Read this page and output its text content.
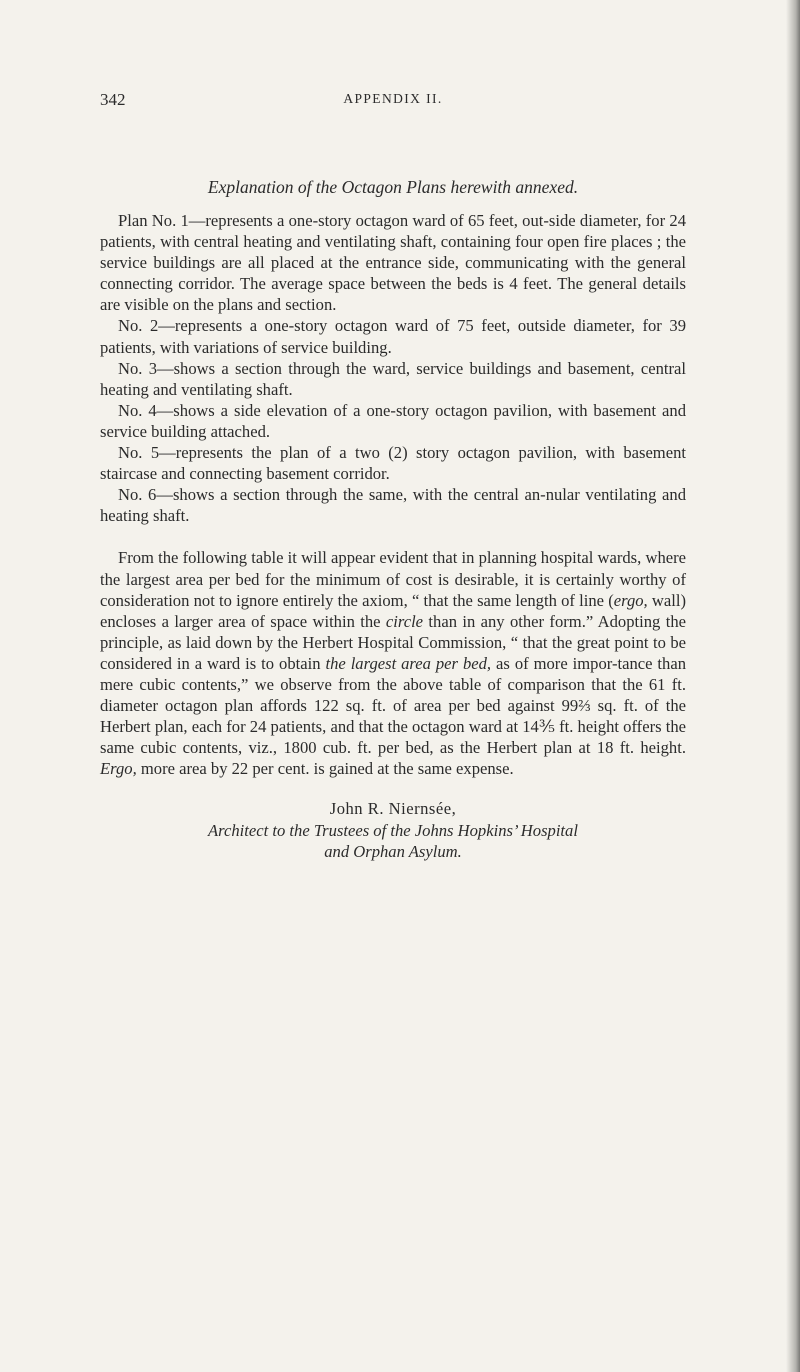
342	APPENDIX II.
Explanation of the Octagon Plans herewith annexed.

Plan No. 1—represents a one-story octagon ward of 65 feet, out-side diameter, for 24 patients, with central heating and ventilating shaft, containing four open fire places ; the service buildings are all placed at the entrance side, communicating with the general connecting corridor. The average space between the beds is 4 feet. The general details are visible on the plans and section.

No. 2—represents a one-story octagon ward of 75 feet, outside diameter, for 39 patients, with variations of service building.

No. 3—shows a section through the ward, service buildings and basement, central heating and ventilating shaft.

No. 4—shows a side elevation of a one-story octagon pavilion, with basement and service building attached.

No. 5—represents the plan of a two (2) story octagon pavilion, with basement staircase and connecting basement corridor.

No. 6—shows a section through the same, with the central an-nular ventilating and heating shaft.

From the following table it will appear evident that in planning hospital wards, where the largest area per bed for the minimum of cost is desirable, it is certainly worthy of consideration not to ignore entirely the axiom, “ that the same length of line (ergo, wall) encloses a larger area of space within the circle than in any other form.” Adopting the principle, as laid down by the Herbert Hospital Commission, “ that the great point to be considered in a ward is to obtain the largest area per bed, as of more impor-tance than mere cubic contents,” we observe from the above table of comparison that the 61 ft. diameter octagon plan affords 122 sq. ft. of area per bed against 99⅔ sq. ft. of the Herbert plan, each for 24 patients, and that the octagon ward at 14⅗ ft. height offers the same cubic contents, viz., 1800 cub. ft. per bed, as the Herbert plan at 18 ft. height. Ergo, more area by 22 per cent. is gained at the same expense.

John R. Niernsée,
Architect to the Trustees of the Johns Hopkins’ Hospital
and Orphan Asylum.
